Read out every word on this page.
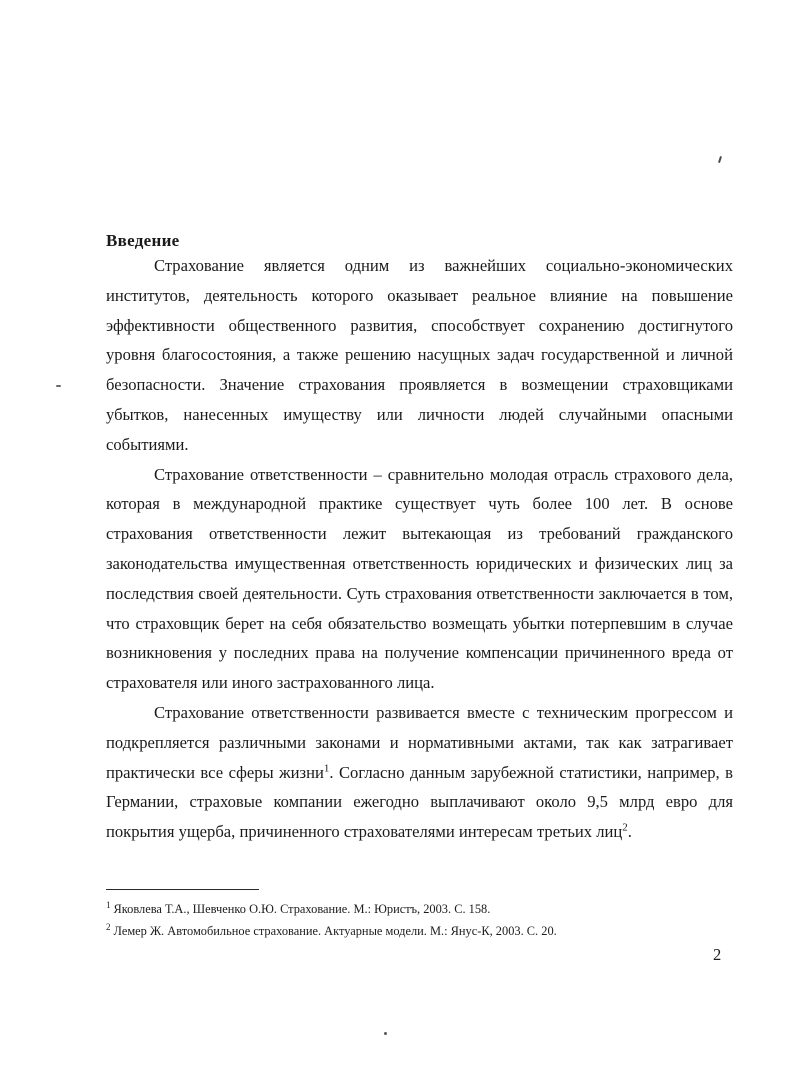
Введение

Страхование является одним из важнейших социально-экономических институтов, деятельность которого оказывает реальное влияние на повышение эффективности общественного развития, способствует сохранению достигнутого уровня благосостояния, а также решению насущных задач государственной и личной безопасности. Значение страхования проявляется в возмещении страховщиками убытков, нанесенных имуществу или личности людей случайными опасными событиями.

Страхование ответственности – сравнительно молодая отрасль страхового дела, которая в международной практике существует чуть более 100 лет. В основе страхования ответственности лежит вытекающая из требований гражданского законодательства имущественная ответственность юридических и физических лиц за последствия своей деятельности. Суть страхования ответственности заключается в том, что страховщик берет на себя обязательство возмещать убытки потерпевшим в случае возникновения у последних права на получение компенсации причиненного вреда от страхователя или иного застрахованного лица.

Страхование ответственности развивается вместе с техническим прогрессом и подкрепляется различными законами и нормативными актами, так как затрагивает практически все сферы жизни$^1$. Согласно данным зарубежной статистики, например, в Германии, страховые компании ежегодно выплачивают около 9,5 млрд евро для покрытия ущерба, причиненного страхователями интересам третьих лиц$^2$.

$^1$ Яковлева Т.А., Шевченко О.Ю. Страхование. М.: Юристъ, 2003. С. 158.
$^2$ Лемер Ж. Автомобильное страхование. Актуарные модели. М.: Янус-К, 2003. С. 20.
2
